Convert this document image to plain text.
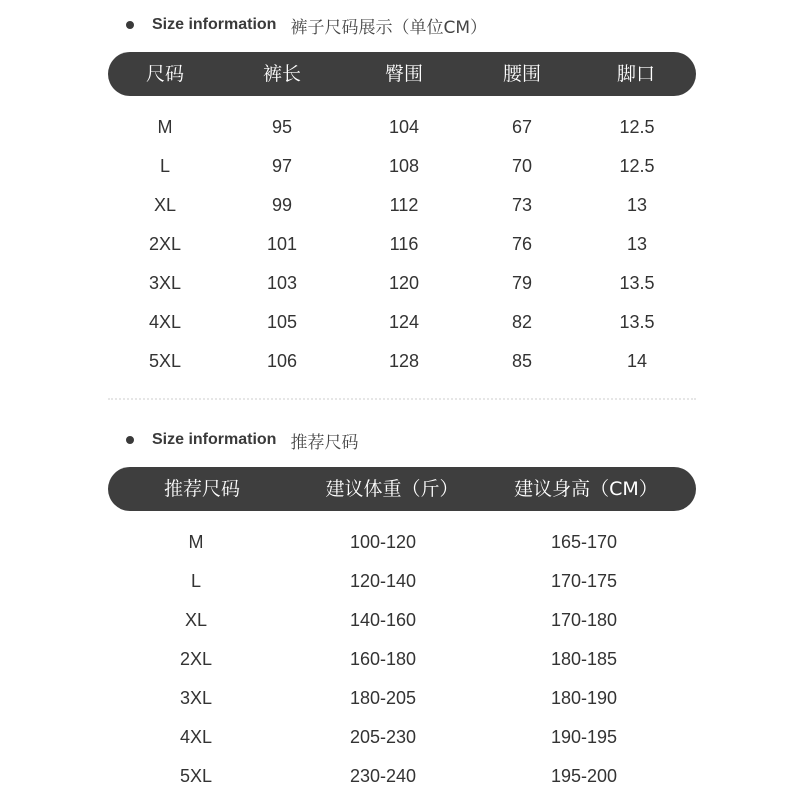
Size information 裤子尺码展示（单位CM）
尺码	裤长	臀围	腰围	脚口
M	95	104	67	12.5
L	97	108	70	12.5
XL	99	112	73	13
2XL	101	116	76	13
3XL	103	120	79	13.5
4XL	105	124	82	13.5
5XL	106	128	85	14
Size information 推荐尺码
推荐尺码	建议体重（斤）	建议身高（CM）
M	100-120	165-170
L	120-140	170-175
XL	140-160	170-180
2XL	160-180	180-185
3XL	180-205	180-190
4XL	205-230	190-195
5XL	230-240	195-200
